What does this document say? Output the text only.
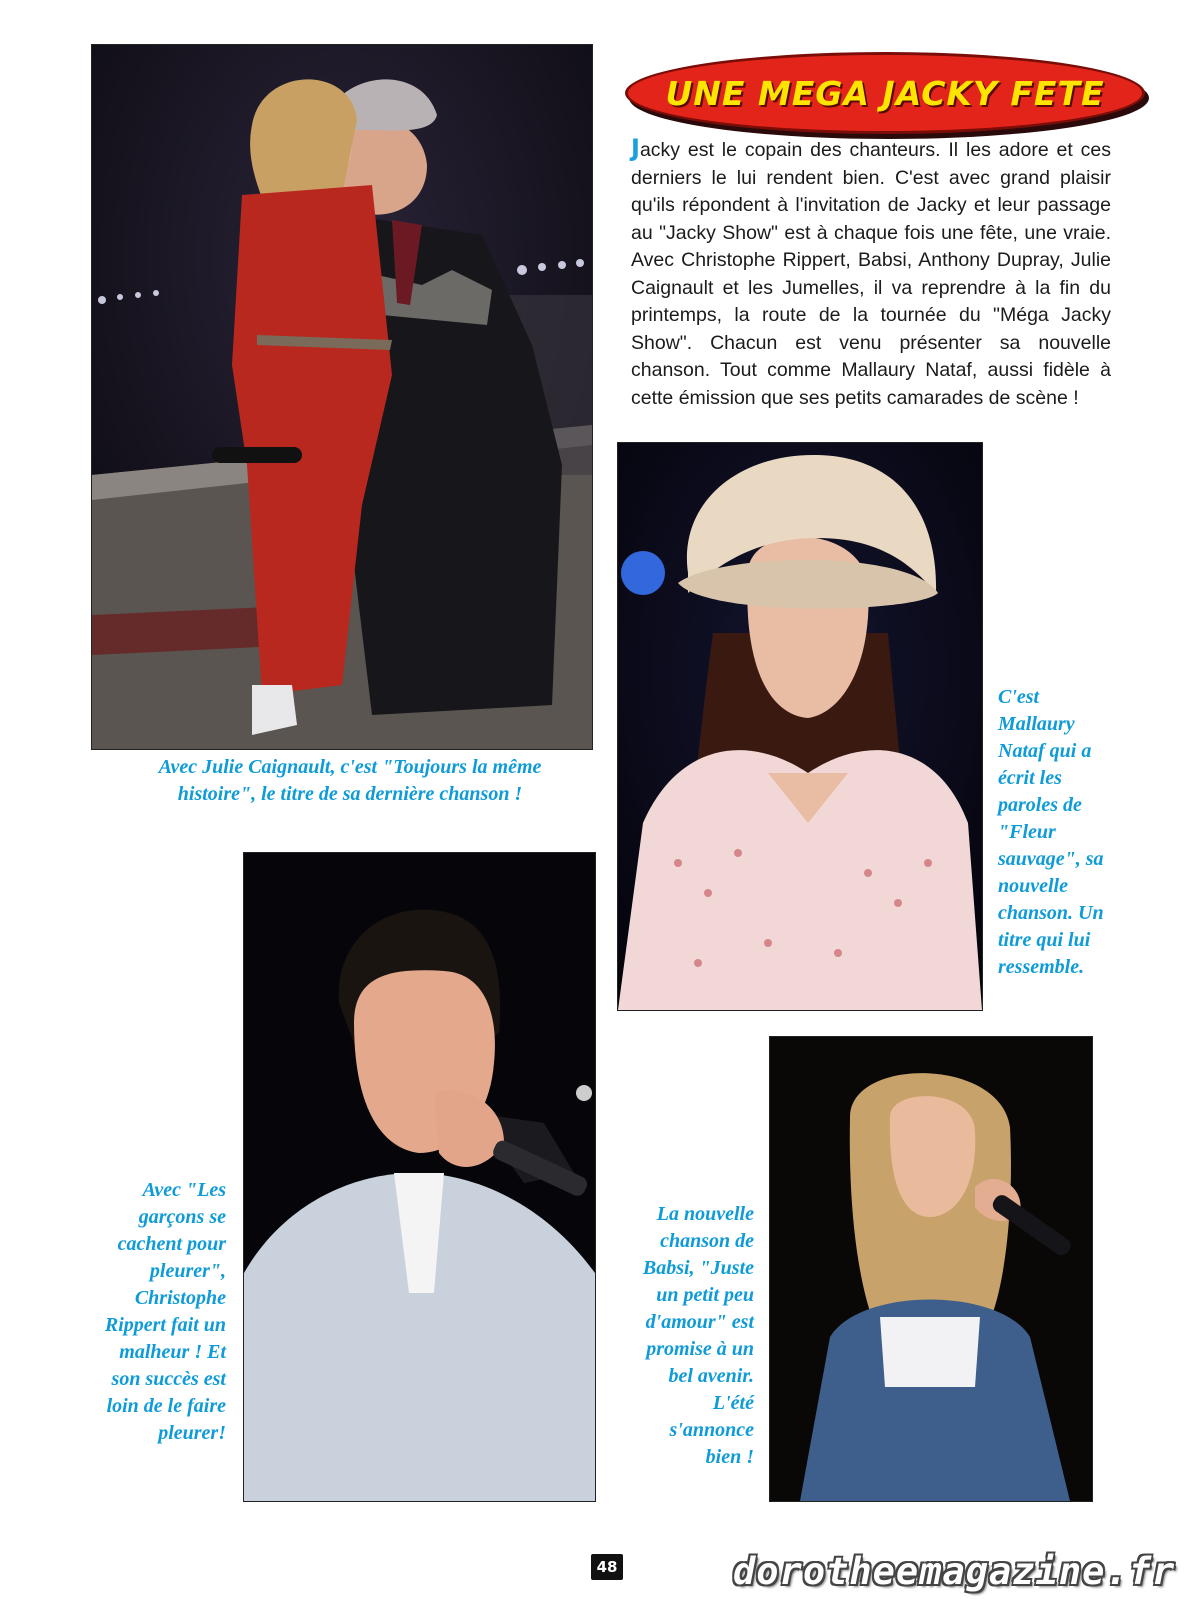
UNE MEGA JACKY FETE

Jacky est le copain des chanteurs. Il les adore et ces derniers le lui rendent bien. C'est avec grand plaisir qu'ils répondent à l'invitation de Jacky et leur passage au "Jacky Show" est à chaque fois une fête, une vraie. Avec Christophe Rippert, Babsi, Anthony Dupray, Julie Caignault et les Jumelles, il va reprendre à la fin du printemps, la route de la tournée du "Méga Jacky Show". Chacun est venu présenter sa nouvelle chanson. Tout comme Mallaury Nataf, aussi fidèle à cette émission que ses petits camarades de scène !

Avec Julie Caignault, c'est "Toujours la même histoire", le titre de sa dernière chanson !

C'est Mallaury Nataf qui a écrit les paroles de "Fleur sauvage", sa nouvelle chanson. Un titre qui lui ressemble.

Avec "Les garçons se cachent pour pleurer", Christophe Rippert fait un malheur ! Et son succès est loin de le faire pleurer!

La nouvelle chanson de Babsi, "Juste un petit peu d'amour" est promise à un bel avenir. L'été s'annonce bien !

48	dorotheemagazine.fr
